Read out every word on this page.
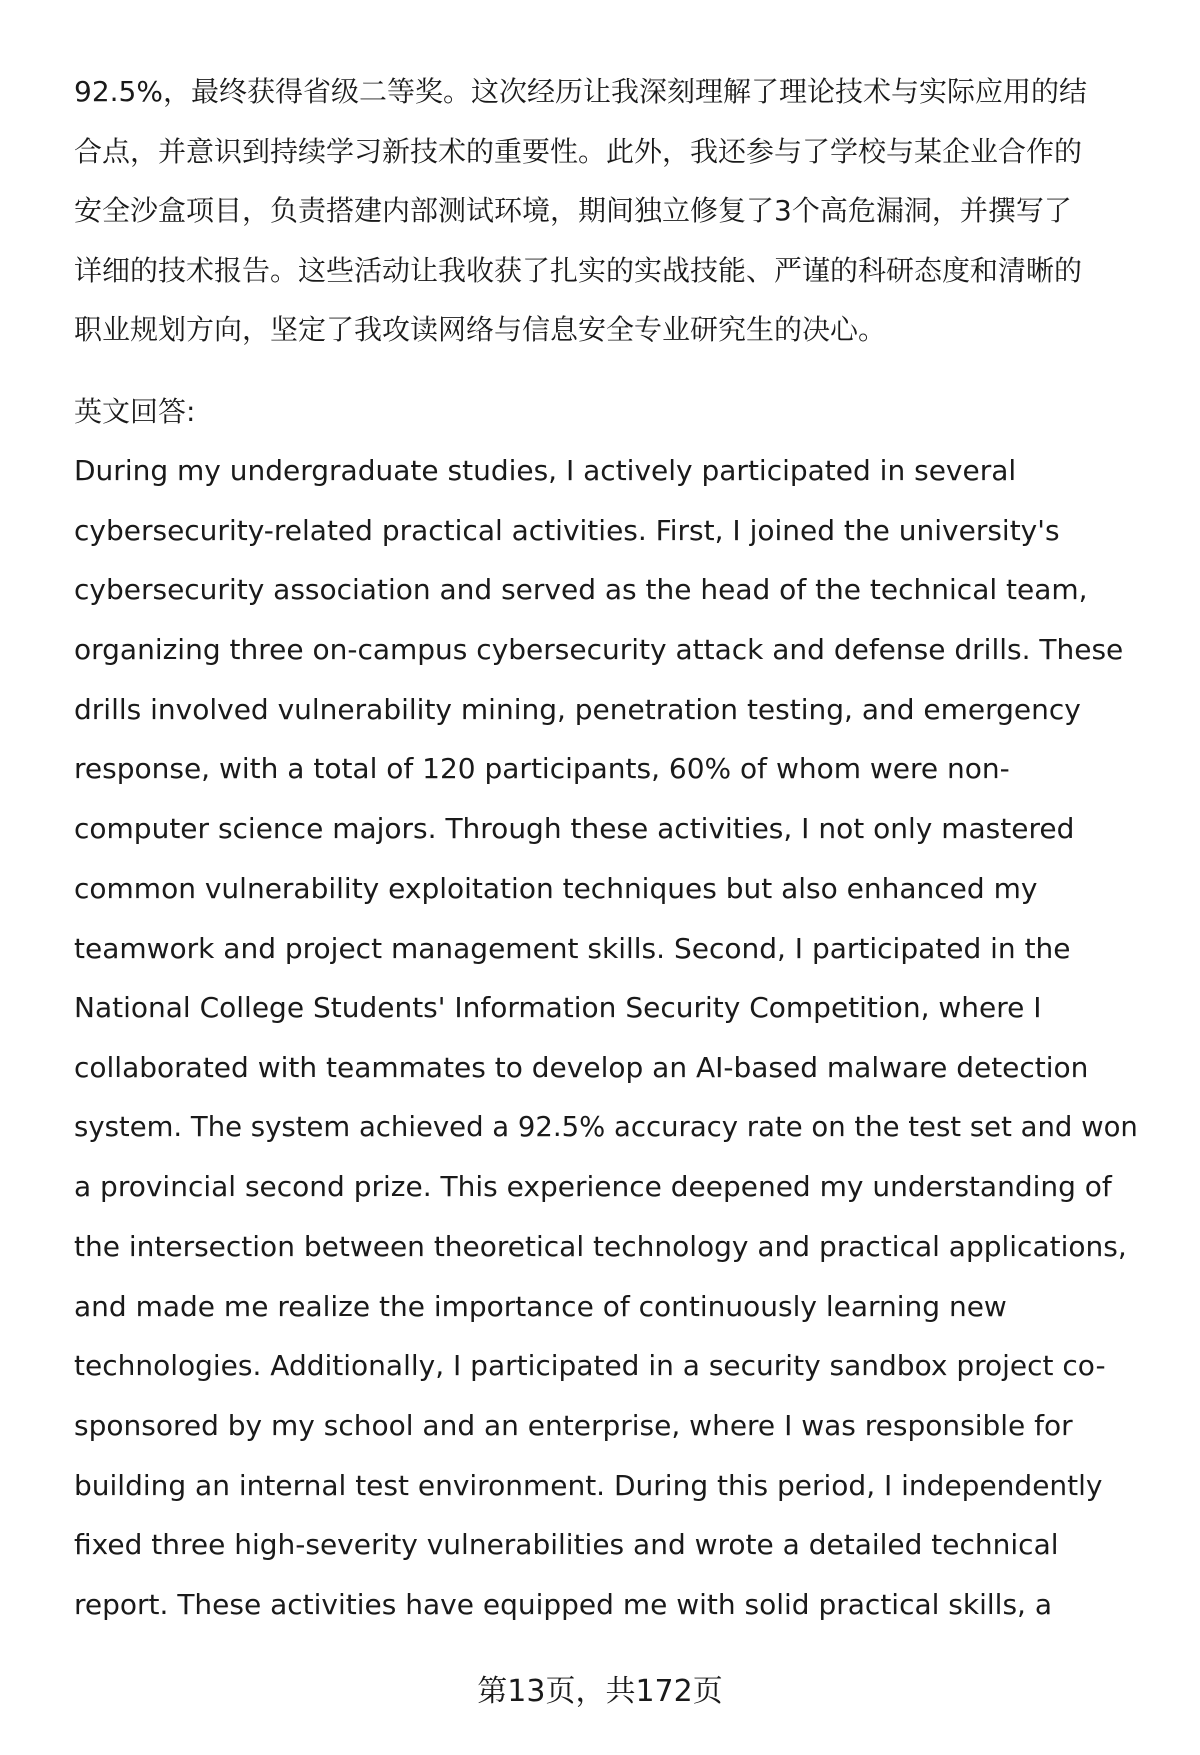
92.5%，最终获得省级二等奖。这次经历让我深刻理解了理论技术与实际应用的结

合点，并意识到持续学习新技术的重要性。此外，我还参与了学校与某企业合作的

安全沙盒项目，负责搭建内部测试环境，期间独立修复了3个高危漏洞，并撰写了

详细的技术报告。这些活动让我收获了扎实的实战技能、严谨的科研态度和清晰的

职业规划方向，坚定了我攻读网络与信息安全专业研究生的决心。

英文回答:

During my undergraduate studies, I actively participated in several

cybersecurity-related practical activities. First, I joined the university's

cybersecurity association and served as the head of the technical team,

organizing three on-campus cybersecurity attack and defense drills. These

drills involved vulnerability mining, penetration testing, and emergency

response, with a total of 120 participants, 60% of whom were non-

computer science majors. Through these activities, I not only mastered

common vulnerability exploitation techniques but also enhanced my

teamwork and project management skills. Second, I participated in the

National College Students' Information Security Competition, where I

collaborated with teammates to develop an AI-based malware detection

system. The system achieved a 92.5% accuracy rate on the test set and won

a provincial second prize. This experience deepened my understanding of

the intersection between theoretical technology and practical applications,

and made me realize the importance of continuously learning new

technologies. Additionally, I participated in a security sandbox project co-

sponsored by my school and an enterprise, where I was responsible for

building an internal test environment. During this period, I independently

fixed three high-severity vulnerabilities and wrote a detailed technical

report. These activities have equipped me with solid practical skills, a

第13页，共172页
